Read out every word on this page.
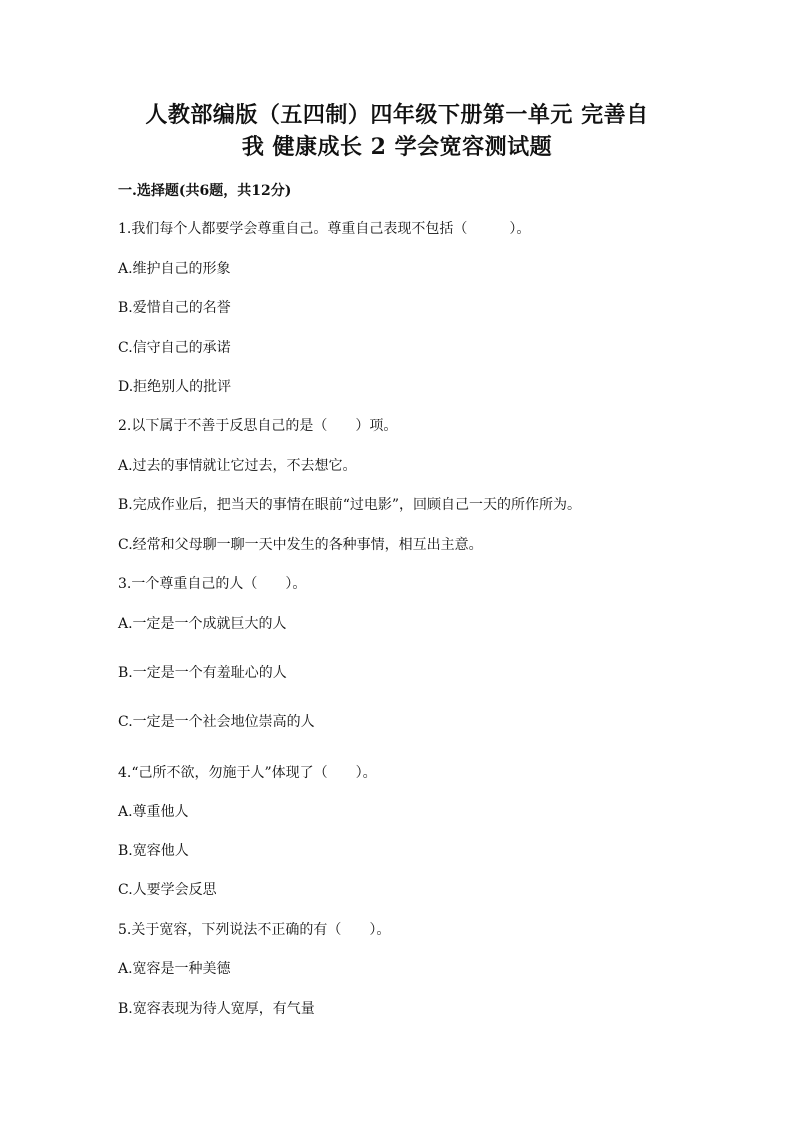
人教部编版（五四制）四年级下册第一单元 完善自
我 健康成长 2 学会宽容测试题
一.选择题(共6题，共12分)
1.我们每个人都要学会尊重自己。尊重自己表现不包括（　　　）。
A.维护自己的形象
B.爱惜自己的名誉
C.信守自己的承诺
D.拒绝别人的批评
2.以下属于不善于反思自己的是（　　）项。
A.过去的事情就让它过去，不去想它。
B.完成作业后，把当天的事情在眼前“过电影”，回顾自己一天的所作所为。
C.经常和父母聊一聊一天中发生的各种事情，相互出主意。
3.一个尊重自己的人（　　）。
A.一定是一个成就巨大的人
B.一定是一个有羞耻心的人
C.一定是一个社会地位崇高的人
4.“己所不欲，勿施于人”体现了（　　）。
A.尊重他人
B.宽容他人
C.人要学会反思
5.关于宽容，下列说法不正确的有（　　）。
A.宽容是一种美德
B.宽容表现为待人宽厚，有气量
